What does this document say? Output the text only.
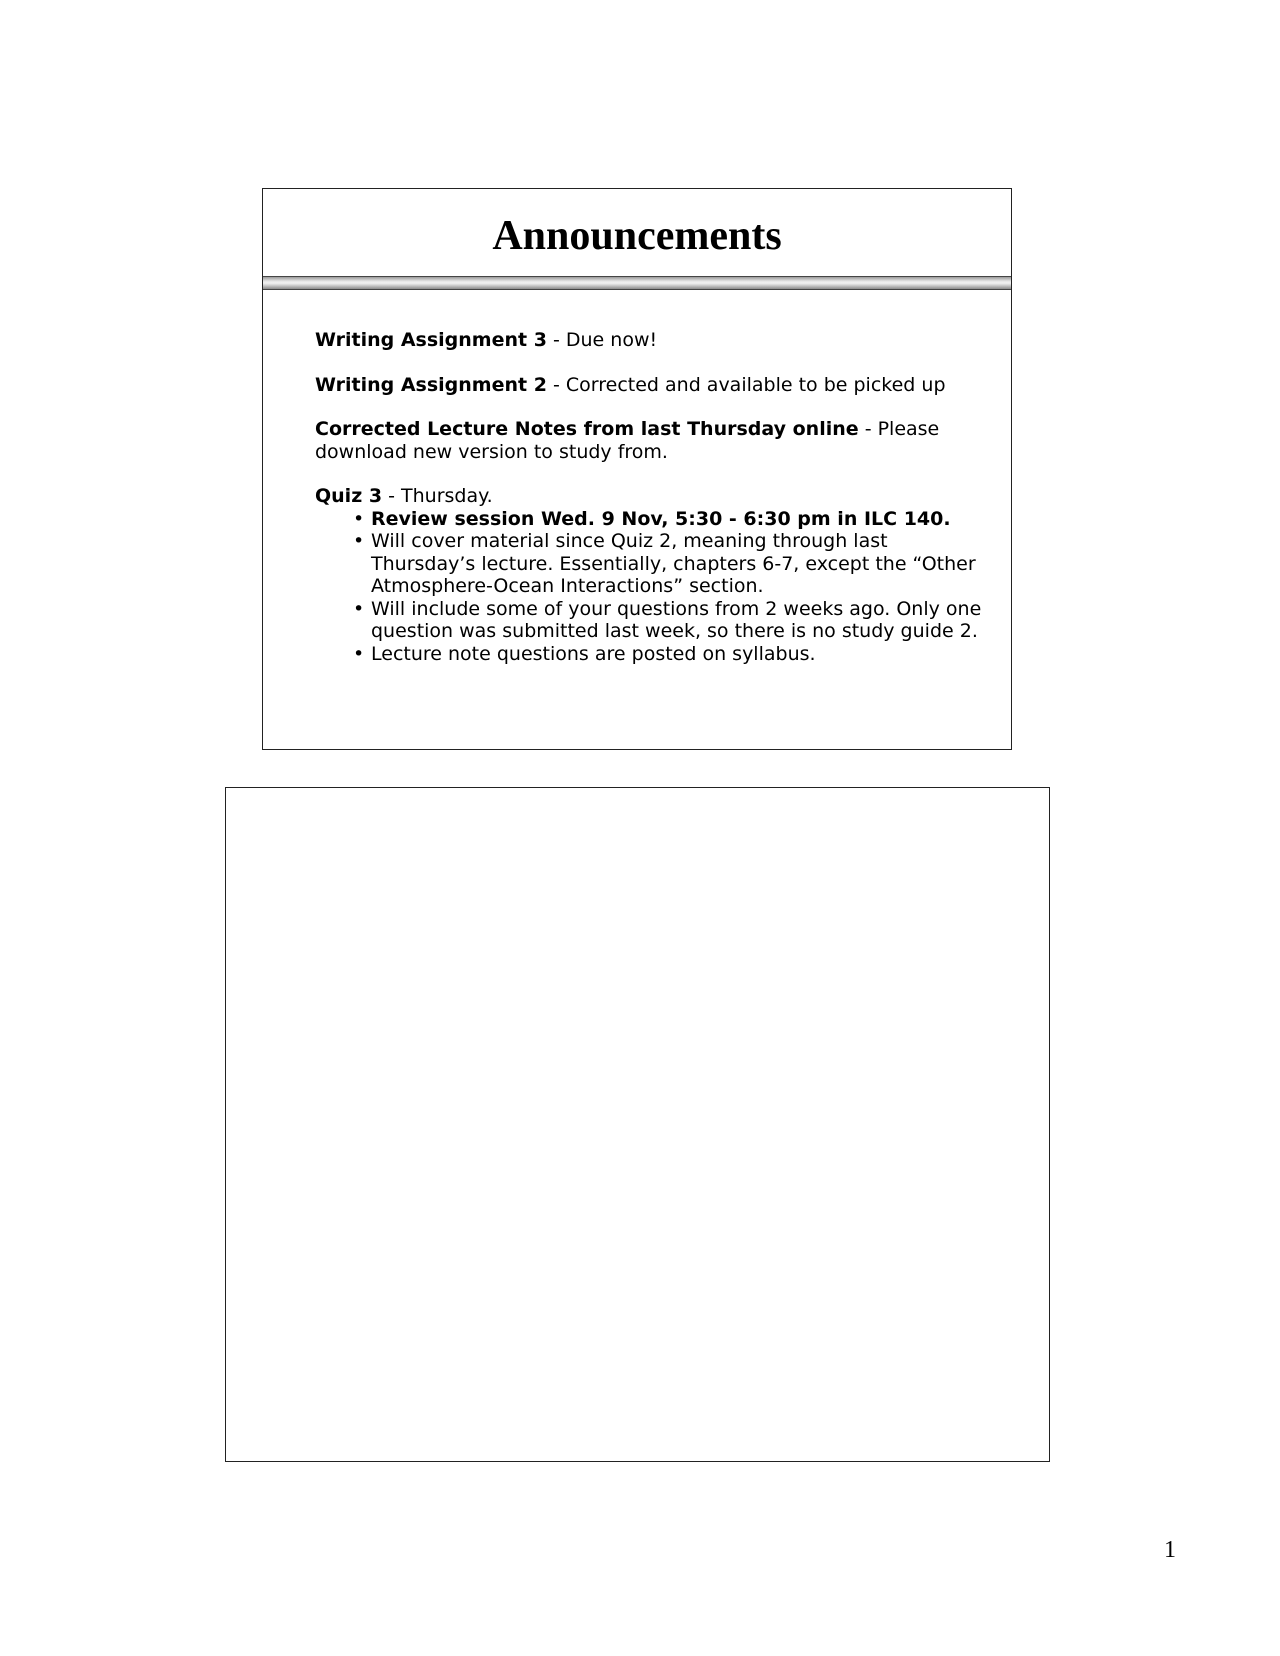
Announcements

Writing Assignment 3 - Due now!

Writing Assignment 2 - Corrected and available to be picked up

Corrected Lecture Notes from last Thursday online - Please download new version to study from.

Quiz 3 - Thursday.

• Review session Wed. 9 Nov, 5:30 - 6:30 pm in ILC 140.
• Will cover material since Quiz 2, meaning through last Thursday’s lecture. Essentially, chapters 6-7, except the “Other Atmosphere-Ocean Interactions” section.
• Will include some of your questions from 2 weeks ago. Only one question was submitted last week, so there is no study guide 2.
• Lecture note questions are posted on syllabus.
1
